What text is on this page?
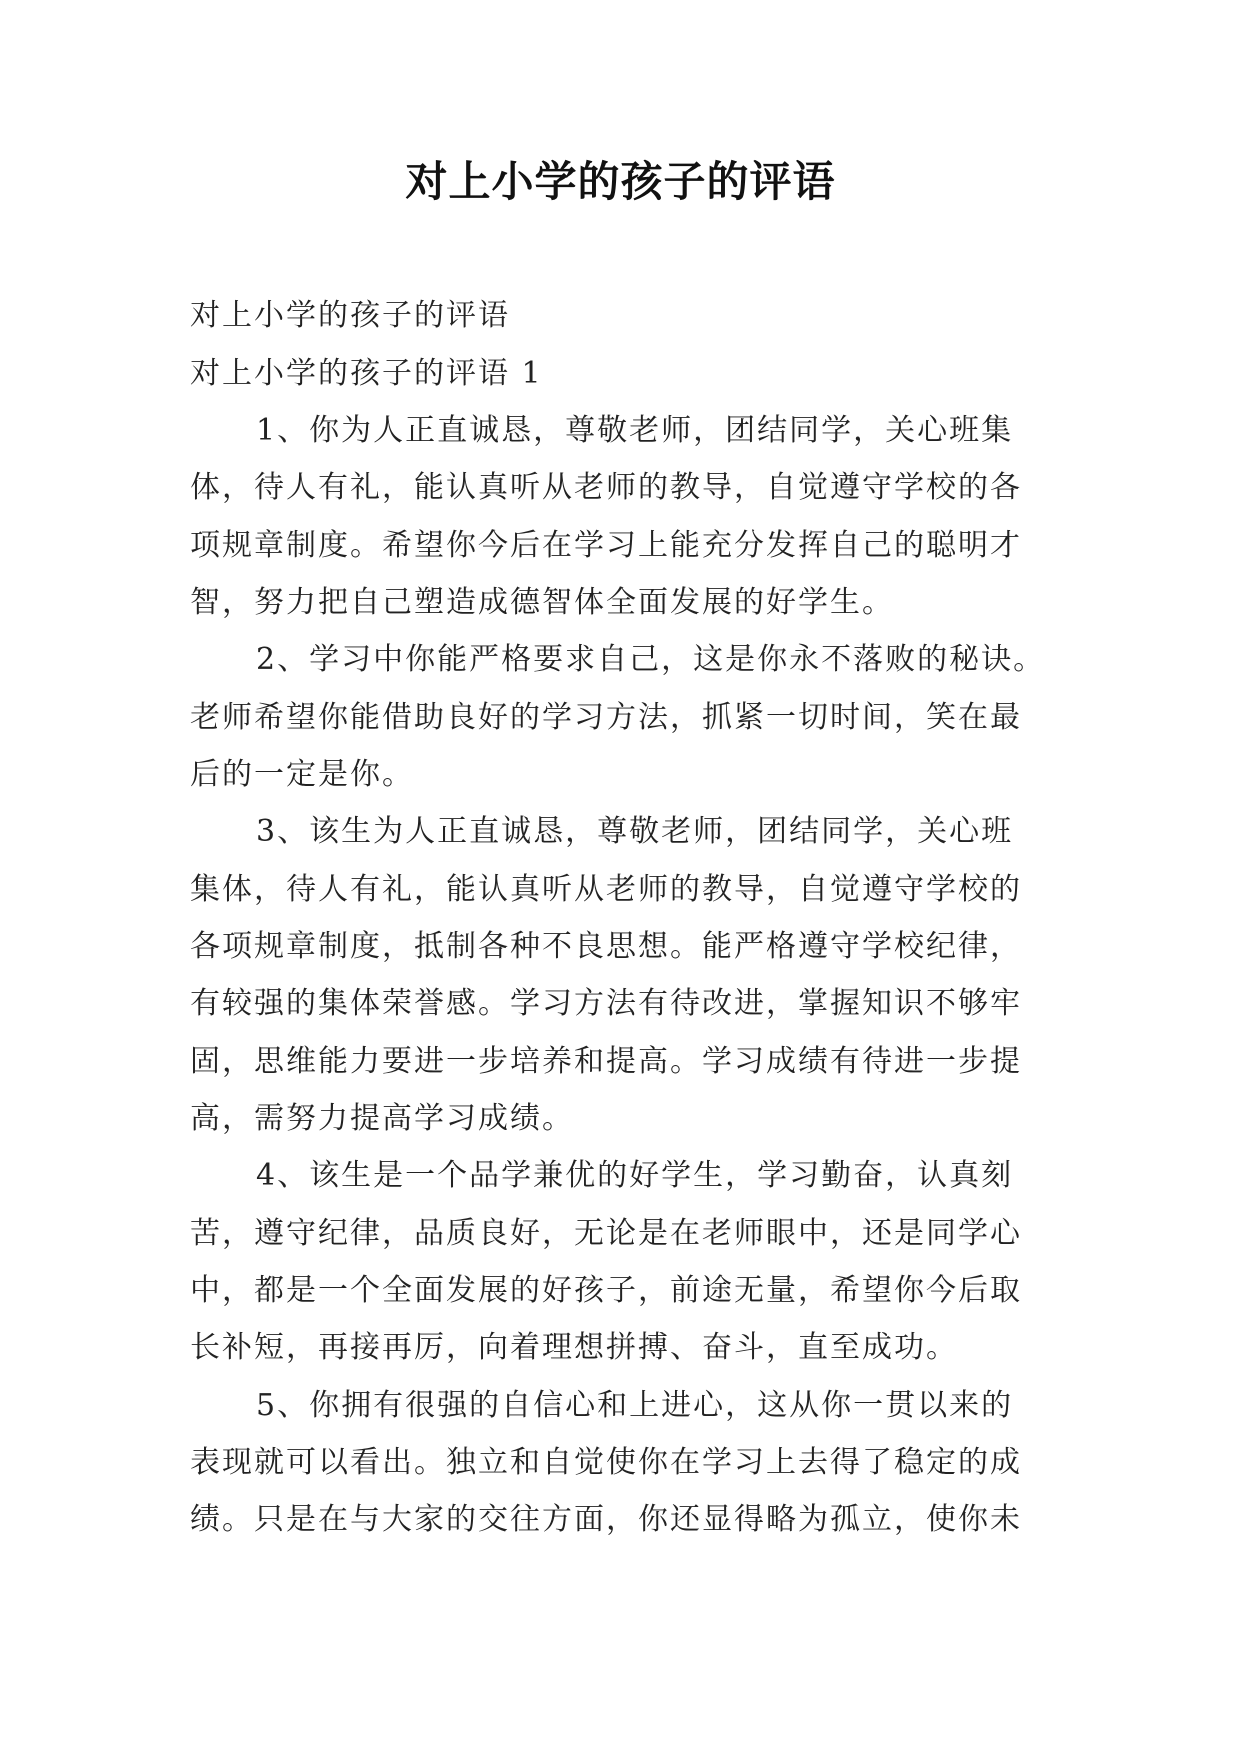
对上小学的孩子的评语

对上小学的孩子的评语

对上小学的孩子的评语 1

1、你为人正直诚恳，尊敬老师，团结同学，关心班集

体，待人有礼，能认真听从老师的教导，自觉遵守学校的各

项规章制度。希望你今后在学习上能充分发挥自己的聪明才

智，努力把自己塑造成德智体全面发展的好学生。

2、学习中你能严格要求自己，这是你永不落败的秘诀。

老师希望你能借助良好的学习方法，抓紧一切时间，笑在最

后的一定是你。

3、该生为人正直诚恳，尊敬老师，团结同学，关心班

集体，待人有礼，能认真听从老师的教导，自觉遵守学校的

各项规章制度，抵制各种不良思想。能严格遵守学校纪律，

有较强的集体荣誉感。学习方法有待改进，掌握知识不够牢

固，思维能力要进一步培养和提高。学习成绩有待进一步提

高，需努力提高学习成绩。

4、该生是一个品学兼优的好学生，学习勤奋，认真刻

苦，遵守纪律，品质良好，无论是在老师眼中，还是同学心

中，都是一个全面发展的好孩子，前途无量，希望你今后取

长补短，再接再厉，向着理想拼搏、奋斗，直至成功。

5、你拥有很强的自信心和上进心，这从你一贯以来的

表现就可以看出。独立和自觉使你在学习上去得了稳定的成

绩。只是在与大家的交往方面，你还显得略为孤立，使你未
